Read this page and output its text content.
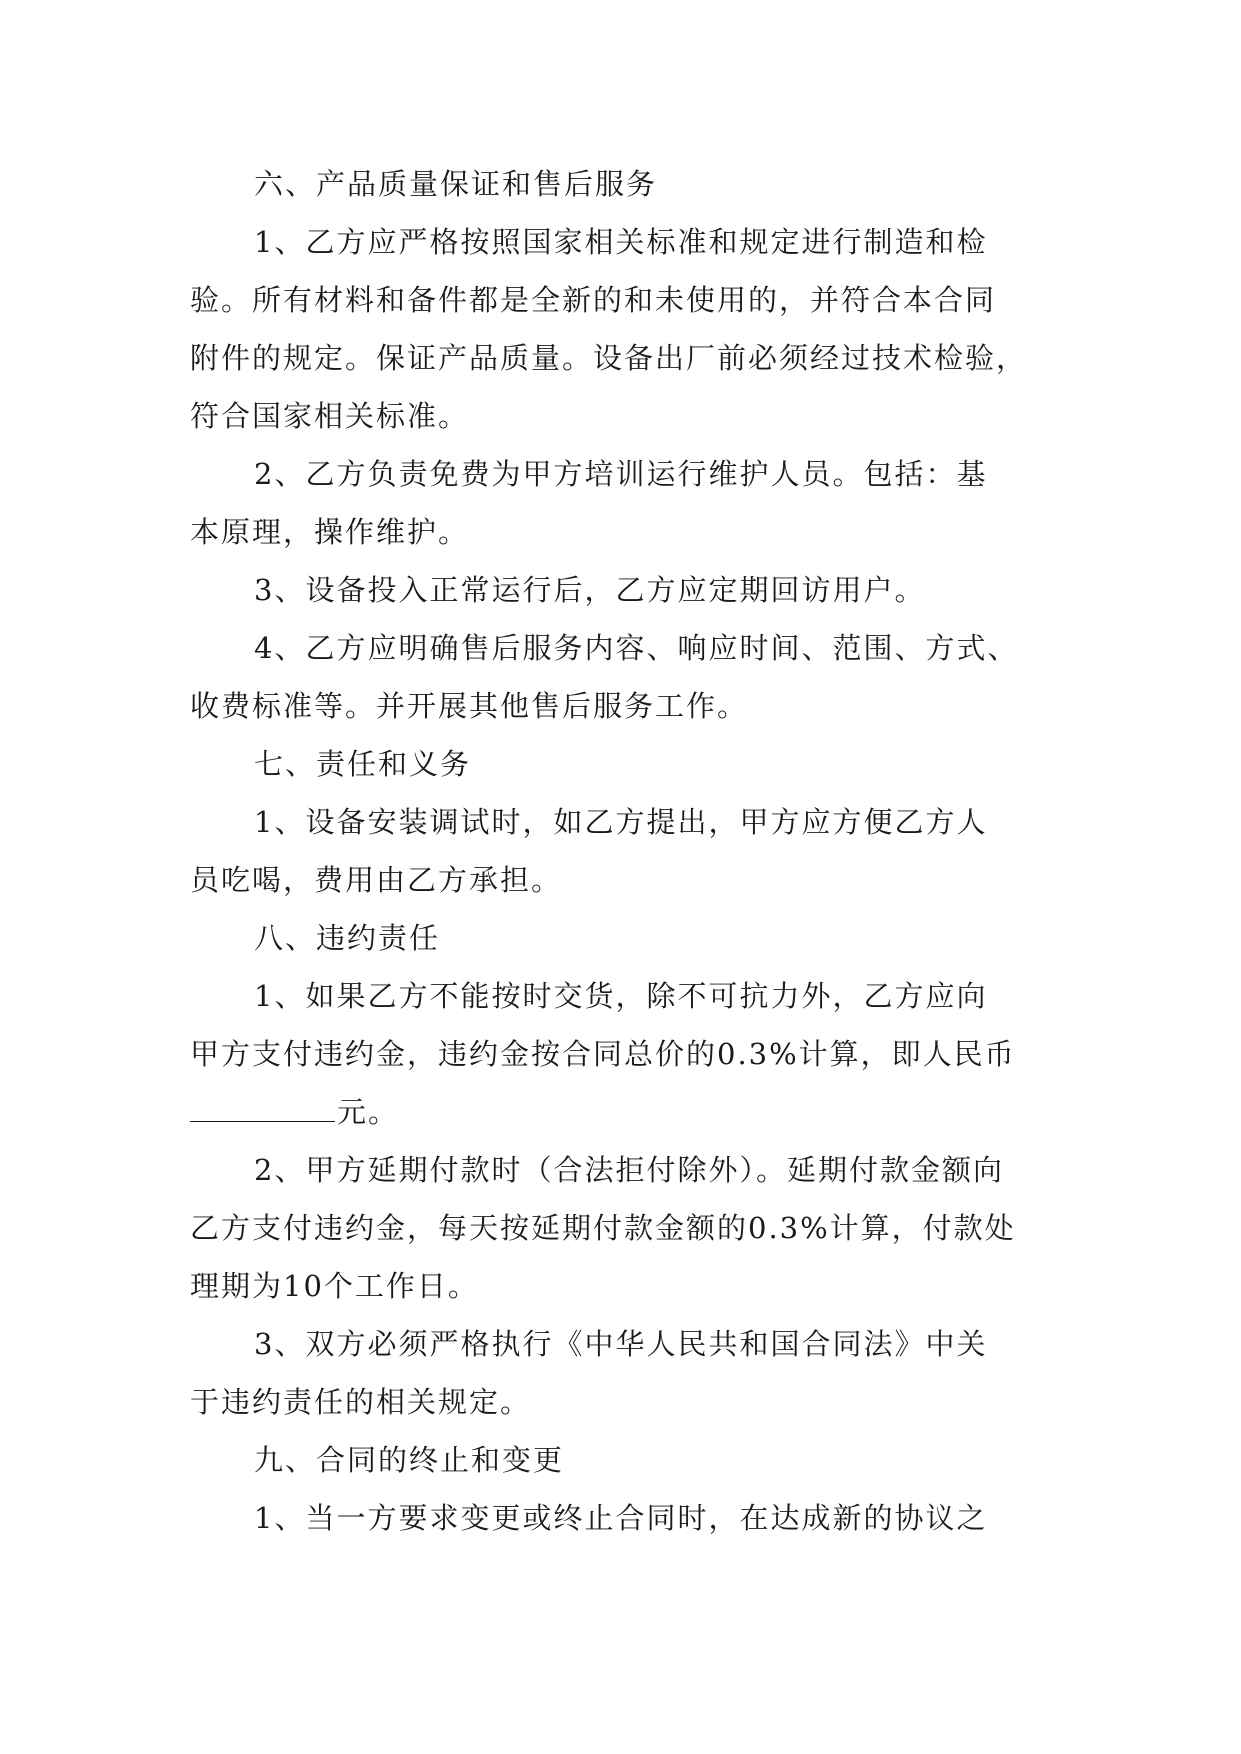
六、产品质量保证和售后服务
1、乙方应严格按照国家相关标准和规定进行制造和检
验。所有材料和备件都是全新的和未使用的，并符合本合同
附件的规定。保证产品质量。设备出厂前必须经过技术检验，
符合国家相关标准。
2、乙方负责免费为甲方培训运行维护人员。包括：基
本原理，操作维护。
3、设备投入正常运行后，乙方应定期回访用户。
4、乙方应明确售后服务内容、响应时间、范围、方式、
收费标准等。并开展其他售后服务工作。
七、责任和义务
1、设备安装调试时，如乙方提出，甲方应方便乙方人
员吃喝，费用由乙方承担。
八、违约责任
1、如果乙方不能按时交货，除不可抗力外，乙方应向
甲方支付违约金，违约金按合同总价的0.3%计算，即人民币
元。
2、甲方延期付款时（合法拒付除外）。延期付款金额向
乙方支付违约金，每天按延期付款金额的0.3%计算，付款处
理期为10个工作日。
3、双方必须严格执行《中华人民共和国合同法》中关
于违约责任的相关规定。
九、合同的终止和变更
1、当一方要求变更或终止合同时，在达成新的协议之
